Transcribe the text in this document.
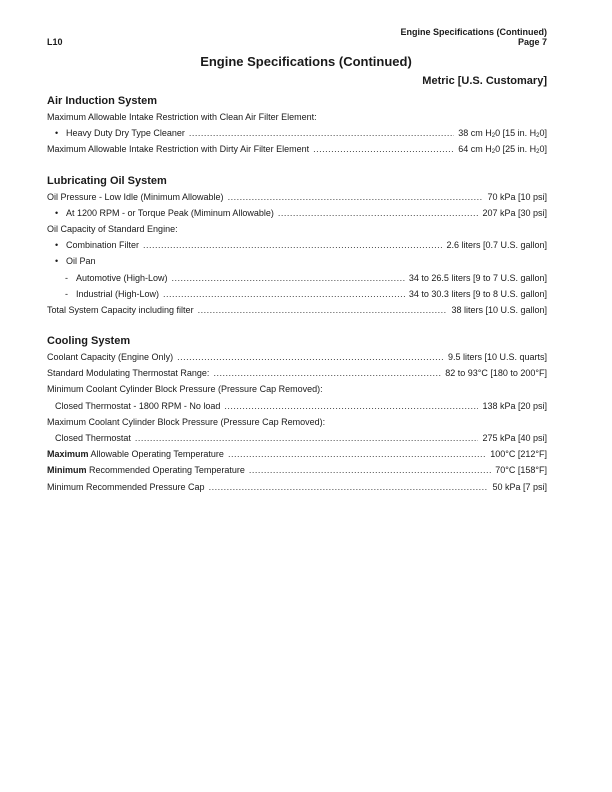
L10
Engine Specifications (Continued)
Page 7
Engine Specifications (Continued)
Metric [U.S. Customary]
Air Induction System
Maximum Allowable Intake Restriction with Clean Air Filter Element:
• Heavy Duty Dry Type Cleaner .....	38 cm $H_20$ [15 in. $H_20$]
Maximum Allowable Intake Restriction with Dirty Air Filter Element .....	64 cm $H_20$ [25 in. $H_20$]
Lubricating Oil System
Oil Pressure - Low Idle (Minimum Allowable) .....	70 kPa [10 psi]
• At 1200 RPM - or Torque Peak (Miminum Allowable) .....	207 kPa [30 psi]
Oil Capacity of Standard Engine:
• Combination Filter .....	2.6 liters [0.7 U.S. gallon]
• Oil Pan
- Automotive (High-Low) .....	34 to 26.5 liters [9 to 7 U.S. gallon]
- Industrial (High-Low) .....	34 to 30.3 liters [9 to 8 U.S. gallon]
Total System Capacity including filter .....	38 liters [10 U.S. gallon]
Cooling System
Coolant Capacity (Engine Only) .....	9.5 liters [10 U.S. quarts]
Standard Modulating Thermostat Range: .....	82 to 93°C [180 to 200°F]
Minimum Coolant Cylinder Block Pressure (Pressure Cap Removed):
Closed Thermostat - 1800 RPM - No load .....	138 kPa [20 psi]
Maximum Coolant Cylinder Block Pressure (Pressure Cap Removed):
Closed Thermostat .....	275 kPa [40 psi]
Maximum Allowable Operating Temperature .....	100°C [212°F]
Minimum Recommended Operating Temperature .....	70°C [158°F]
Minimum Recommended Pressure Cap .....	50 kPa [7 psi]
